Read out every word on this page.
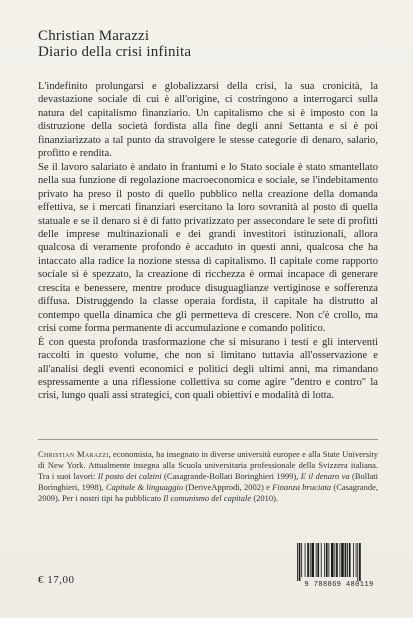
Christian Marazzi
Diario della crisi infinita

L'indefinito prolungarsi e globalizzarsi della crisi, la sua cronicità, la devastazione sociale di cui è all'origine, ci costringono a interrogarci sulla natura del capitalismo finanziario. Un capitalismo che si è imposto con la distruzione della società fordista alla fine degli anni Settanta e si è poi finanziarizzato a tal punto da stravolgere le stesse categorie di denaro, salario, profitto e rendita.

Se il lavoro salariato è andato in frantumi e lo Stato sociale è stato smantellato nella sua funzione di regolazione macroeconomica e sociale, se l'indebitamento privato ha preso il posto di quello pubblico nella creazione della domanda effettiva, se i mercati finanziari esercitano la loro sovranità al posto di quella statuale e se il denaro si è di fatto privatizzato per assecondare le sete di profitti delle imprese multinazionali e dei grandi investitori istituzionali, allora qualcosa di veramente profondo è accaduto in questi anni, qualcosa che ha intaccato alla radice la nozione stessa di capitalismo. Il capitale come rapporto sociale si è spezzato, la creazione di ricchezza è ormai incapace di generare crescita e benessere, mentre produce disuguaglianze vertiginose e sofferenza diffusa. Distruggendo la classe operaia fordista, il capitale ha distrutto al contempo quella dinamica che gli permetteva di crescere. Non c'è crollo, ma crisi come forma permanente di accumulazione e comando politico.

È con questa profonda trasformazione che si misurano i testi e gli interventi raccolti in questo volume, che non si limitano tuttavia all'osservazione e all'analisi degli eventi economici e politici degli ultimi anni, ma rimandano espressamente a una riflessione collettiva su come agire "dentro e contro" la crisi, lungo quali assi strategici, con quali obiettivi e modalità di lotta.

Christian Marazzi, economista, ha insegnato in diverse università europee e alla State University di New York. Attualmente insegna alla Scuola universitaria professionale della Svizzera italiana. Tra i suoi lavori: Il posto dei calzini (Casagrande-Bollati Boringhieri 1999), E il denaro va (Bollati Boringhieri, 1998), Capitale & linguaggio (DeriveApprodi, 2002) e Finanza bruciata (Casagrande, 2009). Per i nostri tipi ha pubblicato Il comunismo del capitale (2010).
€ 17,00	9 788869 480119
